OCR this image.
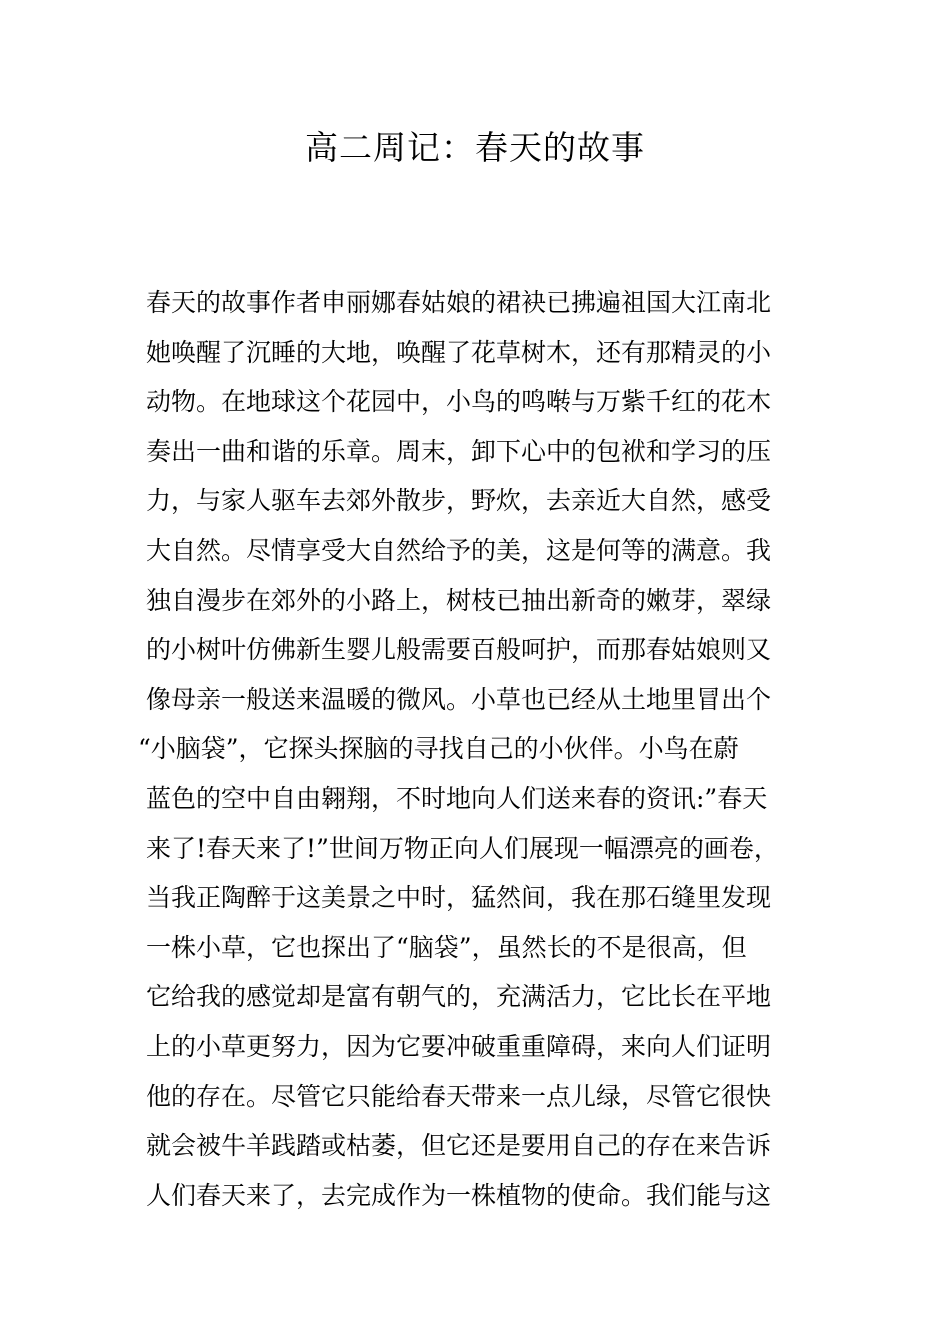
高二周记：春天的故事
春天的故事作者申丽娜春姑娘的裙袂已拂遍祖国大江南北
她唤醒了沉睡的大地，唤醒了花草树木，还有那精灵的小
动物。在地球这个花园中，小鸟的鸣啭与万紫千红的花木
奏出一曲和谐的乐章。周末，卸下心中的包袱和学习的压
力，与家人驱车去郊外散步，野炊，去亲近大自然，感受
大自然。尽情享受大自然给予的美，这是何等的满意。我
独自漫步在郊外的小路上，树枝已抽出新奇的嫩芽，翠绿
的小树叶仿佛新生婴儿般需要百般呵护，而那春姑娘则又
像母亲一般送来温暖的微风。小草也已经从土地里冒出个
“小脑袋”，它探头探脑的寻找自己的小伙伴。小鸟在蔚
蓝色的空中自由翱翔，不时地向人们送来春的资讯:”春天
来了!春天来了!”世间万物正向人们展现一幅漂亮的画卷，
当我正陶醉于这美景之中时，猛然间，我在那石缝里发现
一株小草，它也探出了“脑袋”，虽然长的不是很高，但
它给我的感觉却是富有朝气的，充满活力，它比长在平地
上的小草更努力，因为它要冲破重重障碍，来向人们证明
他的存在。尽管它只能给春天带来一点儿绿，尽管它很快
就会被牛羊践踏或枯萎，但它还是要用自己的存在来告诉
人们春天来了，去完成作为一株植物的使命。我们能与这
